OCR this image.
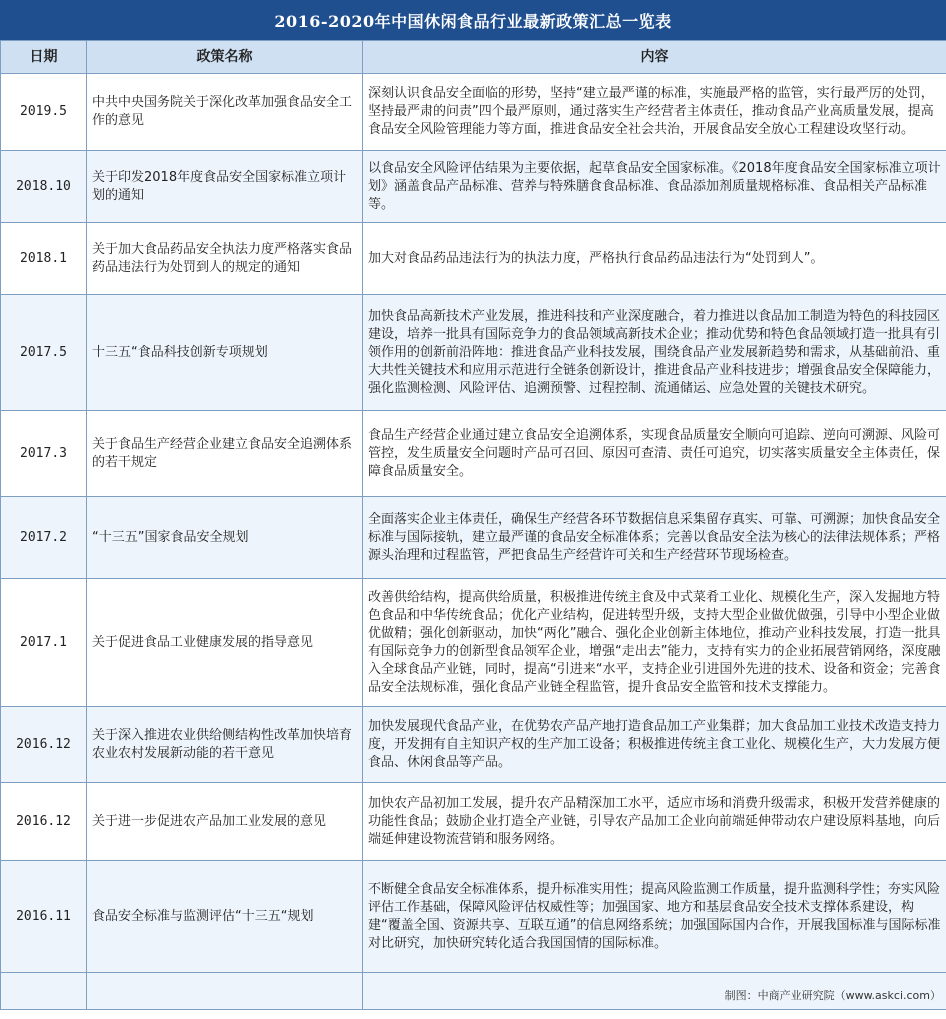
2016-2020年中国休闲食品行业最新政策汇总一览表
日期	政策名称	内容
2019.5	中共中央国务院关于深化改革加强食品安全工作的意见	深刻认识食品安全面临的形势，坚持“建立最严谨的标准，实施最严格的监管，实行最严厉的处罚，坚持最严肃的问责”四个最严原则，通过落实生产经营者主体责任，推动食品产业高质量发展，提高食品安全风险管理能力等方面，推进食品安全社会共治，开展食品安全放心工程建设攻坚行动。
2018.10	关于印发2018年度食品安全国家标准立项计划的通知	以食品安全风险评估结果为主要依据，起草食品安全国家标准。《2018年度食品安全国家标准立项计划》涵盖食品产品标准、营养与特殊膳食食品标准、食品添加剂质量规格标准、食品相关产品标准等。
2018.1	关于加大食品药品安全执法力度严格落实食品药品违法行为处罚到人的规定的通知	加大对食品药品违法行为的执法力度，严格执行食品药品违法行为“处罚到人”。
2017.5	十三五“食品科技创新专项规划	加快食品高新技术产业发展，推进科技和产业深度融合，着力推进以食品加工制造为特色的科技园区建设，培养一批具有国际竞争力的食品领域高新技术企业；推动优势和特色食品领域打造一批具有引领作用的创新前沿阵地：推进食品产业科技发展，围绕食品产业发展新趋势和需求，从基础前沿、重大共性关键技术和应用示范进行全链条创新设计，推进食品产业科技进步；增强食品安全保障能力，强化监测检测、风险评估、追溯预警、过程控制、流通储运、应急处置的关键技术研究。
2017.3	关于食品生产经营企业建立食品安全追溯体系的若干规定	食品生产经营企业通过建立食品安全追溯体系，实现食品质量安全顺向可追踪、逆向可溯源、风险可管控，发生质量安全问题时产品可召回、原因可查清、责任可追究，切实落实质量安全主体责任，保障食品质量安全。
2017.2	“十三五”国家食品安全规划	全面落实企业主体责任，确保生产经营各环节数据信息采集留存真实、可靠、可溯源；加快食品安全标准与国际接轨，建立最严谨的食品安全标准体系；完善以食品安全法为核心的法律法规体系；严格源头治理和过程监管，严把食品生产经营许可关和生产经营环节现场检查。
2017.1	关于促进食品工业健康发展的指导意见	改善供给结构，提高供给质量，积极推进传统主食及中式菜肴工业化、规模化生产，深入发掘地方特色食品和中华传统食品；优化产业结构，促进转型升级，支持大型企业做优做强，引导中小型企业做优做精；强化创新驱动，加快“两化”融合、强化企业创新主体地位，推动产业科技发展，打造一批具有国际竞争力的创新型食品领军企业，增强“走出去”能力，支持有实力的企业拓展营销网络，深度融入全球食品产业链，同时，提高“引进来“水平，支持企业引进国外先进的技术、设备和资金；完善食品安全法规标准，强化食品产业链全程监管，提升食品安全监管和技术支撑能力。
2016.12	关于深入推进农业供给侧结构性改革加快培育农业农村发展新动能的若干意见	加快发展现代食品产业，在优势农产品产地打造食品加工产业集群；加大食品加工业技术改造支持力度，开发拥有自主知识产权的生产加工设备；积极推进传统主食工业化、规模化生产，大力发展方便食品、休闲食品等产品。
2016.12	关于进一步促进农产品加工业发展的意见	加快农产品初加工发展，提升农产品精深加工水平，适应市场和消费升级需求，积极开发营养健康的功能性食品；鼓励企业打造全产业链，引导农产品加工企业向前端延伸带动农户建设原料基地，向后端延伸建设物流营销和服务网络。
2016.11	食品安全标准与监测评估“十三五“规划	不断健全食品安全标准体系，提升标准实用性；提高风险监测工作质量，提升监测科学性；夯实风险评估工作基础，保障风险评估权威性等；加强国家、地方和基层食品安全技术支撑体系建设，构建“覆盖全国、资源共享、互联互通”的信息网络系统；加强国际国内合作，开展我国标准与国际标准对比研究，加快研究转化适合我国国情的国际标准。
		制图：中商产业研究院（www.askci.com）
